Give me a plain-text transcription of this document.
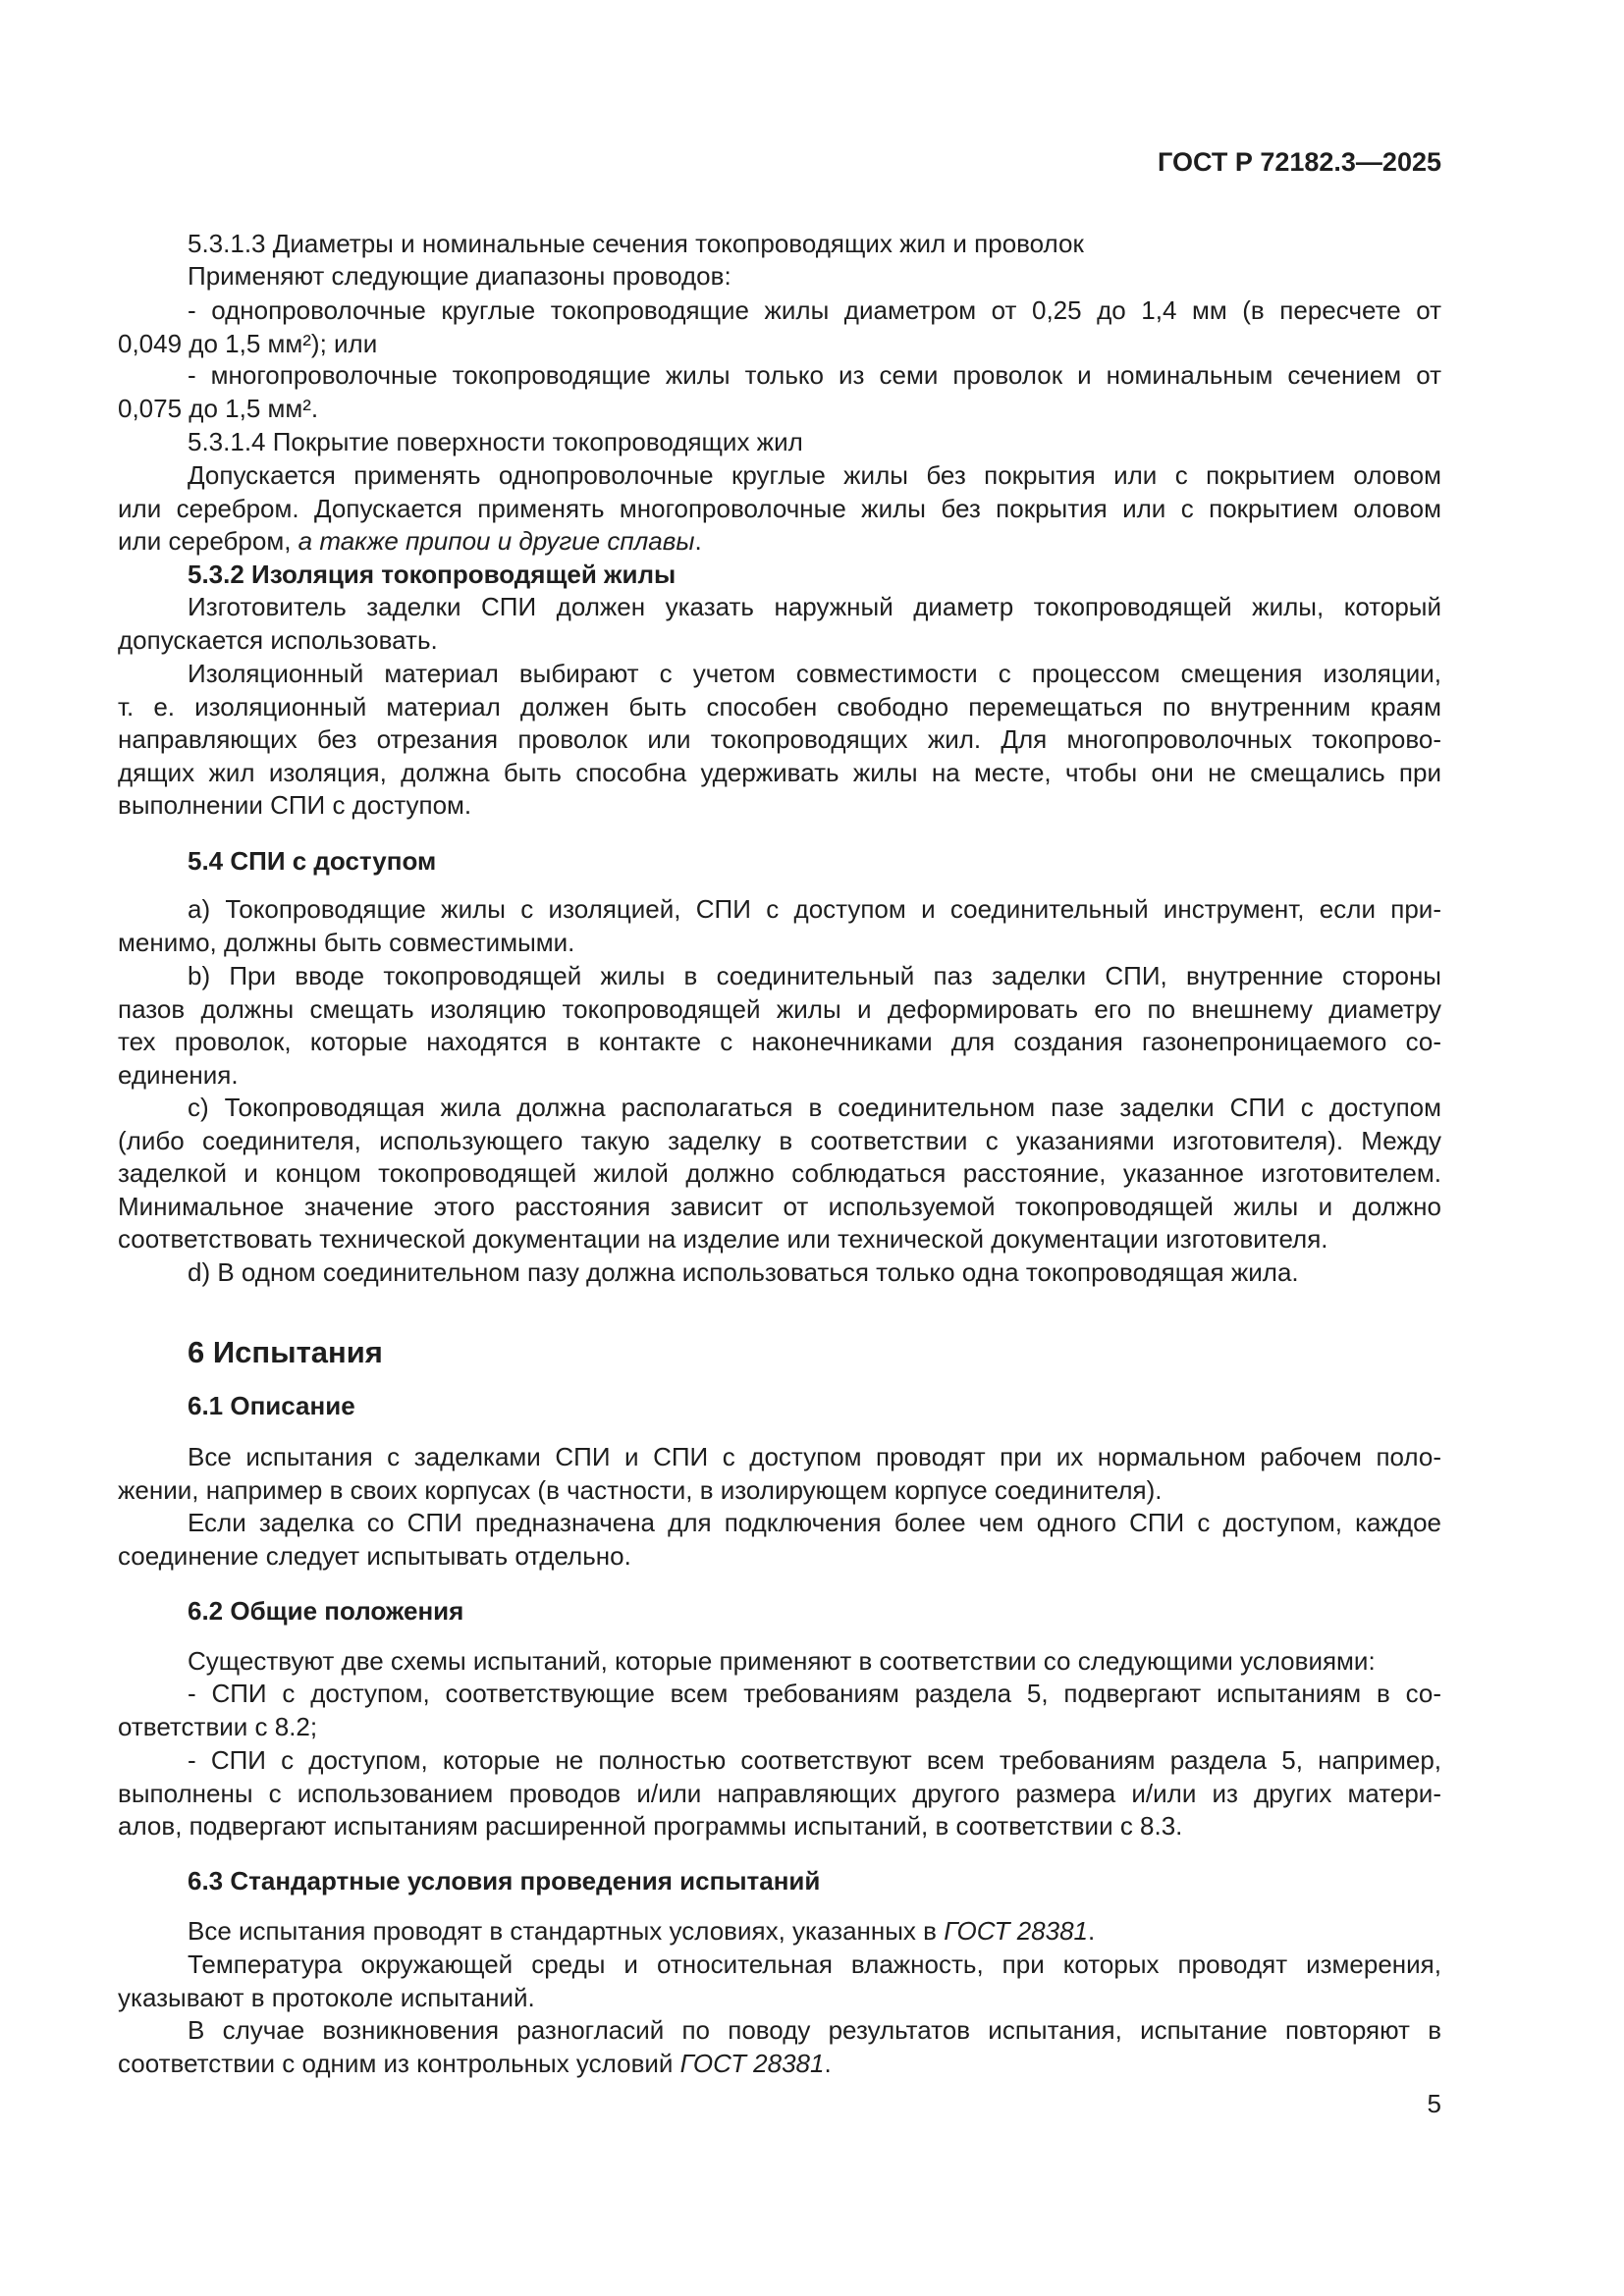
ГОСТ Р 72182.3—2025
5.3.1.3 Диаметры и номинальные сечения токопроводящих жил и проволок
Применяют следующие диапазоны проводов:
- однопроволочные круглые токопроводящие жилы диаметром от 0,25 до 1,4 мм (в пересчете от
0,049 до 1,5 мм²); или
- многопроволочные токопроводящие жилы только из семи проволок и номинальным сечением от
0,075 до 1,5 мм².
5.3.1.4 Покрытие поверхности токопроводящих жил
Допускается применять однопроволочные круглые жилы без покрытия или с покрытием оловом
или серебром. Допускается применять многопроволочные жилы без покрытия или с покрытием оловом
или серебром, а также припои и другие сплавы.
5.3.2 Изоляция токопроводящей жилы
Изготовитель заделки СПИ должен указать наружный диаметр токопроводящей жилы, который
допускается использовать.
Изоляционный материал выбирают с учетом совместимости с процессом смещения изоляции,
т. е. изоляционный материал должен быть способен свободно перемещаться по внутренним краям
направляющих без отрезания проволок или токопроводящих жил. Для многопроволочных токопрово-
дящих жил изоляция, должна быть способна удерживать жилы на месте, чтобы они не смещались при
выполнении СПИ с доступом.
5.4 СПИ с доступом
a) Токопроводящие жилы с изоляцией, СПИ с доступом и соединительный инструмент, если при-
менимо, должны быть совместимыми.
b) При вводе токопроводящей жилы в соединительный паз заделки СПИ, внутренние стороны
пазов должны смещать изоляцию токопроводящей жилы и деформировать его по внешнему диаметру
тех проволок, которые находятся в контакте с наконечниками для создания газонепроницаемого со-
единения.
c) Токопроводящая жила должна располагаться в соединительном пазе заделки СПИ с доступом
(либо соединителя, использующего такую заделку в соответствии с указаниями изготовителя). Между
заделкой и концом токопроводящей жилой должно соблюдаться расстояние, указанное изготовителем.
Минимальное значение этого расстояния зависит от используемой токопроводящей жилы и должно
соответствовать технической документации на изделие или технической документации изготовителя.
d) В одном соединительном пазу должна использоваться только одна токопроводящая жила.
6 Испытания
6.1 Описание
Все испытания с заделками СПИ и СПИ с доступом проводят при их нормальном рабочем поло-
жении, например в своих корпусах (в частности, в изолирующем корпусе соединителя).
Если заделка со СПИ предназначена для подключения более чем одного СПИ с доступом, каждое
соединение следует испытывать отдельно.
6.2 Общие положения
Существуют две схемы испытаний, которые применяют в соответствии со следующими условиями:
- СПИ с доступом, соответствующие всем требованиям раздела 5, подвергают испытаниям в со-
ответствии с 8.2;
- СПИ с доступом, которые не полностью соответствуют всем требованиям раздела 5, например,
выполнены с использованием проводов и/или направляющих другого размера и/или из других матери-
алов, подвергают испытаниям расширенной программы испытаний, в соответствии с 8.3.
6.3 Стандартные условия проведения испытаний
Все испытания проводят в стандартных условиях, указанных в ГОСТ 28381.
Температура окружающей среды и относительная влажность, при которых проводят измерения,
указывают в протоколе испытаний.
В случае возникновения разногласий по поводу результатов испытания, испытание повторяют в
соответствии с одним из контрольных условий ГОСТ 28381.
5
